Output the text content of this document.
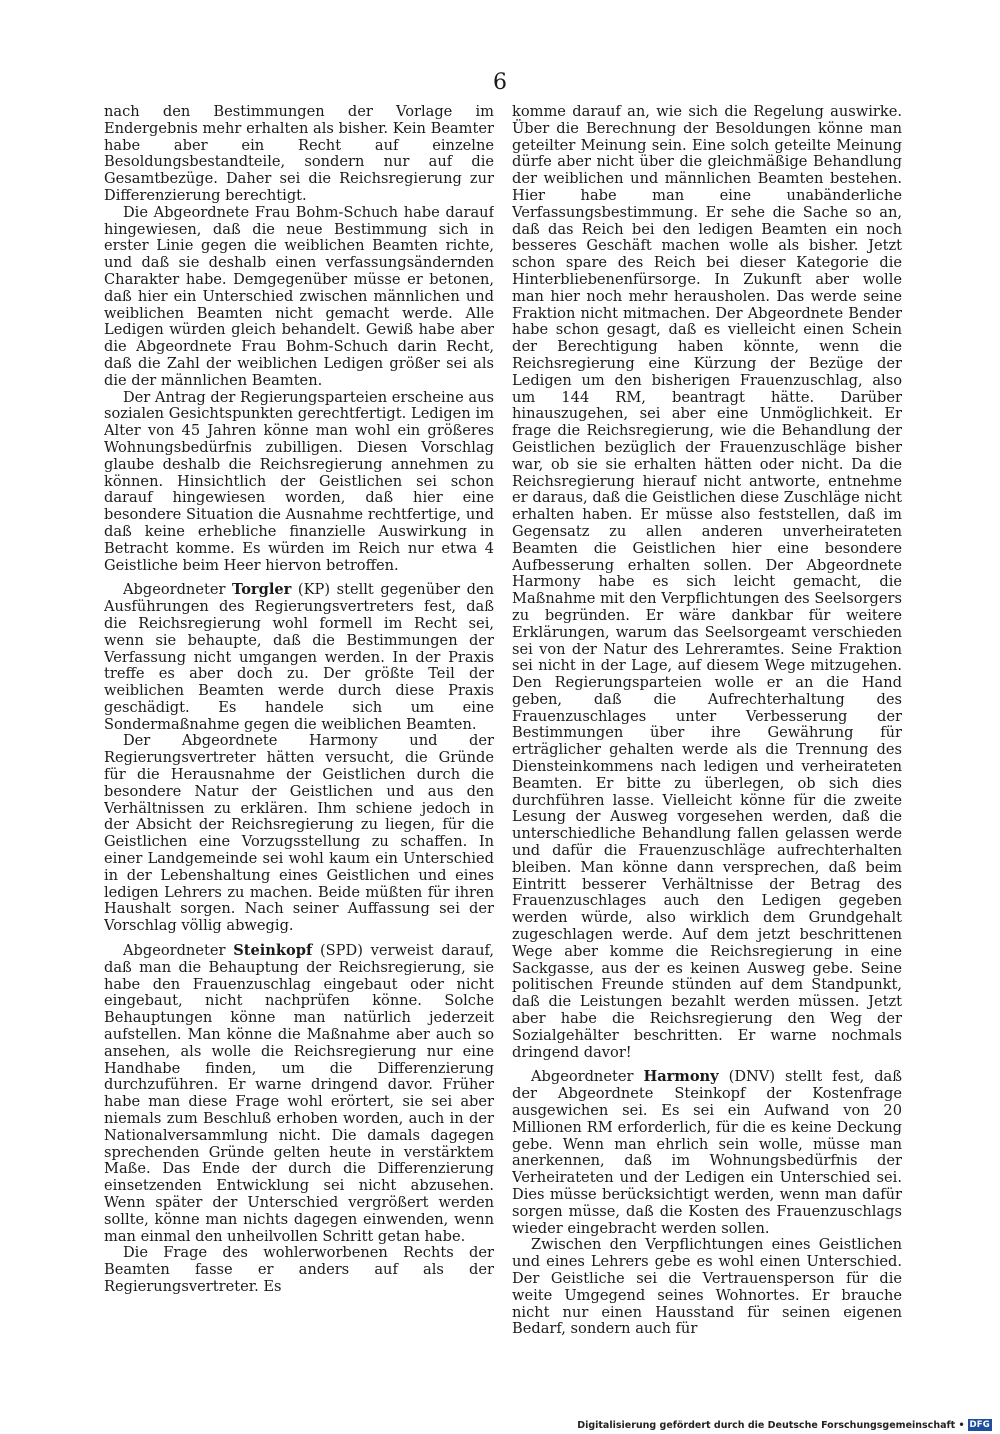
6

nach den Bestimmungen der Vorlage im Endergebnis mehr erhalten als bisher. Kein Beamter habe aber ein Recht auf einzelne Besoldungsbestandteile, sondern nur auf die Gesamtbezüge. Daher sei die Reichsregierung zur Differenzierung berechtigt.

Die Abgeordnete Frau Bohm-Schuch habe darauf hingewiesen, daß die neue Bestimmung sich in erster Linie gegen die weiblichen Beamten richte, und daß sie deshalb einen verfassungsändernden Charakter habe. Demgegenüber müsse er betonen, daß hier ein Unterschied zwischen männlichen und weiblichen Beamten nicht gemacht werde. Alle Ledigen würden gleich behandelt. Gewiß habe aber die Abgeordnete Frau Bohm-Schuch darin Recht, daß die Zahl der weiblichen Ledigen größer sei als die der männlichen Beamten.

Der Antrag der Regierungsparteien erscheine aus sozialen Gesichtspunkten gerechtfertigt. Ledigen im Alter von 45 Jahren könne man wohl ein größeres Wohnungsbedürfnis zubilligen. Diesen Vorschlag glaube deshalb die Reichsregierung annehmen zu können. Hinsichtlich der Geistlichen sei schon darauf hingewiesen worden, daß hier eine besondere Situation die Ausnahme rechtfertige, und daß keine erhebliche finanzielle Auswirkung in Betracht komme. Es würden im Reich nur etwa 4 Geistliche beim Heer hiervon betroffen.

Abgeordneter Torgler (KP) stellt gegenüber den Ausführungen des Regierungsvertreters fest, daß die Reichsregierung wohl formell im Recht sei, wenn sie behaupte, daß die Bestimmungen der Verfassung nicht umgangen werden. In der Praxis treffe es aber doch zu. Der größte Teil der weiblichen Beamten werde durch diese Praxis geschädigt. Es handele sich um eine Sondermaßnahme gegen die weiblichen Beamten.

Der Abgeordnete Harmony und der Regierungsvertreter hätten versucht, die Gründe für die Herausnahme der Geistlichen durch die besondere Natur der Geistlichen und aus den Verhältnissen zu erklären. Ihm schiene jedoch in der Absicht der Reichsregierung zu liegen, für die Geistlichen eine Vorzugsstellung zu schaffen. In einer Landgemeinde sei wohl kaum ein Unterschied in der Lebenshaltung eines Geistlichen und eines ledigen Lehrers zu machen. Beide müßten für ihren Haushalt sorgen. Nach seiner Auffassung sei der Vorschlag völlig abwegig.

Abgeordneter Steinkopf (SPD) verweist darauf, daß man die Behauptung der Reichsregierung, sie habe den Frauenzuschlag eingebaut oder nicht eingebaut, nicht nachprüfen könne. Solche Behauptungen könne man natürlich jederzeit aufstellen. Man könne die Maßnahme aber auch so ansehen, als wolle die Reichsregierung nur eine Handhabe finden, um die Differenzierung durchzuführen. Er warne dringend davor. Früher habe man diese Frage wohl erörtert, sie sei aber niemals zum Beschluß erhoben worden, auch in der Nationalversammlung nicht. Die damals dagegen sprechenden Gründe gelten heute in verstärktem Maße. Das Ende der durch die Differenzierung einsetzenden Entwicklung sei nicht abzusehen. Wenn später der Unterschied vergrößert werden sollte, könne man nichts dagegen einwenden, wenn man einmal den unheilvollen Schritt getan habe.

Die Frage des wohlerworbenen Rechts der Beamten fasse er anders auf als der Regierungsvertreter. Es

komme darauf an, wie sich die Regelung auswirke. Über die Berechnung der Besoldungen könne man geteilter Meinung sein. Eine solch geteilte Meinung dürfe aber nicht über die gleichmäßige Behandlung der weiblichen und männlichen Beamten bestehen. Hier habe man eine unabänderliche Verfassungsbestimmung. Er sehe die Sache so an, daß das Reich bei den ledigen Beamten ein noch besseres Geschäft machen wolle als bisher. Jetzt schon spare des Reich bei dieser Kategorie die Hinterbliebenenfürsorge. In Zukunft aber wolle man hier noch mehr herausholen. Das werde seine Fraktion nicht mitmachen. Der Abgeordnete Bender habe schon gesagt, daß es vielleicht einen Schein der Berechtigung haben könnte, wenn die Reichsregierung eine Kürzung der Bezüge der Ledigen um den bisherigen Frauenzuschlag, also um 144 RM, beantragt hätte. Darüber hinauszugehen, sei aber eine Unmöglichkeit. Er frage die Reichsregierung, wie die Behandlung der Geistlichen bezüglich der Frauenzuschläge bisher war, ob sie sie erhalten hätten oder nicht. Da die Reichsregierung hierauf nicht antworte, entnehme er daraus, daß die Geistlichen diese Zuschläge nicht erhalten haben. Er müsse also feststellen, daß im Gegensatz zu allen anderen unverheirateten Beamten die Geistlichen hier eine besondere Aufbesserung erhalten sollen. Der Abgeordnete Harmony habe es sich leicht gemacht, die Maßnahme mit den Verpflichtungen des Seelsorgers zu begründen. Er wäre dankbar für weitere Erklärungen, warum das Seelsorgeamt verschieden sei von der Natur des Lehreramtes. Seine Fraktion sei nicht in der Lage, auf diesem Wege mitzugehen. Den Regierungsparteien wolle er an die Hand geben, daß die Aufrechterhaltung des Frauenzuschlages unter Verbesserung der Bestimmungen über ihre Gewährung für erträglicher gehalten werde als die Trennung des Diensteinkommens nach ledigen und verheirateten Beamten. Er bitte zu überlegen, ob sich dies durchführen lasse. Vielleicht könne für die zweite Lesung der Ausweg vorgesehen werden, daß die unterschiedliche Behandlung fallen gelassen werde und dafür die Frauenzuschläge aufrechterhalten bleiben. Man könne dann versprechen, daß beim Eintritt besserer Verhältnisse der Betrag des Frauenzuschlages auch den Ledigen gegeben werden würde, also wirklich dem Grundgehalt zugeschlagen werde. Auf dem jetzt beschrittenen Wege aber komme die Reichsregierung in eine Sackgasse, aus der es keinen Ausweg gebe. Seine politischen Freunde stünden auf dem Standpunkt, daß die Leistungen bezahlt werden müssen. Jetzt aber habe die Reichsregierung den Weg der Sozialgehälter beschritten. Er warne nochmals dringend davor!

Abgeordneter Harmony (DNV) stellt fest, daß der Abgeordnete Steinkopf der Kostenfrage ausgewichen sei. Es sei ein Aufwand von 20 Millionen RM erforderlich, für die es keine Deckung gebe. Wenn man ehrlich sein wolle, müsse man anerkennen, daß im Wohnungsbedürfnis der Verheirateten und der Ledigen ein Unterschied sei. Dies müsse berücksichtigt werden, wenn man dafür sorgen müsse, daß die Kosten des Frauenzuschlags wieder eingebracht werden sollen.

Zwischen den Verpflichtungen eines Geistlichen und eines Lehrers gebe es wohl einen Unterschied. Der Geistliche sei die Vertrauensperson für die weite Umgegend seines Wohnortes. Er brauche nicht nur einen Hausstand für seinen eigenen Bedarf, sondern auch für

Digitalisierung gefördert durch die Deutsche Forschungsgemeinschaft • DFG
